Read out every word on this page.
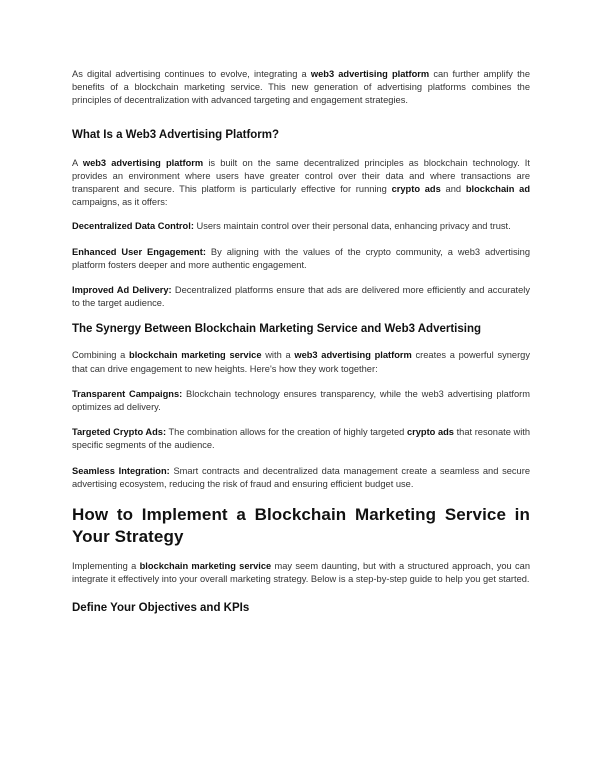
As digital advertising continues to evolve, integrating a web3 advertising platform can further amplify the benefits of a blockchain marketing service. This new generation of advertising platforms combines the principles of decentralization with advanced targeting and engagement strategies.

What Is a Web3 Advertising Platform?

A web3 advertising platform is built on the same decentralized principles as blockchain technology. It provides an environment where users have greater control over their data and where transactions are transparent and secure. This platform is particularly effective for running crypto ads and blockchain ad campaigns, as it offers:

Decentralized Data Control: Users maintain control over their personal data, enhancing privacy and trust.

Enhanced User Engagement: By aligning with the values of the crypto community, a web3 advertising platform fosters deeper and more authentic engagement.

Improved Ad Delivery: Decentralized platforms ensure that ads are delivered more efficiently and accurately to the target audience.

The Synergy Between Blockchain Marketing Service and Web3 Advertising

Combining a blockchain marketing service with a web3 advertising platform creates a powerful synergy that can drive engagement to new heights. Here's how they work together:

Transparent Campaigns: Blockchain technology ensures transparency, while the web3 advertising platform optimizes ad delivery.

Targeted Crypto Ads: The combination allows for the creation of highly targeted crypto ads that resonate with specific segments of the audience.

Seamless Integration: Smart contracts and decentralized data management create a seamless and secure advertising ecosystem, reducing the risk of fraud and ensuring efficient budget use.

How to Implement a Blockchain Marketing Service in Your Strategy

Implementing a blockchain marketing service may seem daunting, but with a structured approach, you can integrate it effectively into your overall marketing strategy. Below is a step-by-step guide to help you get started.

Define Your Objectives and KPIs
